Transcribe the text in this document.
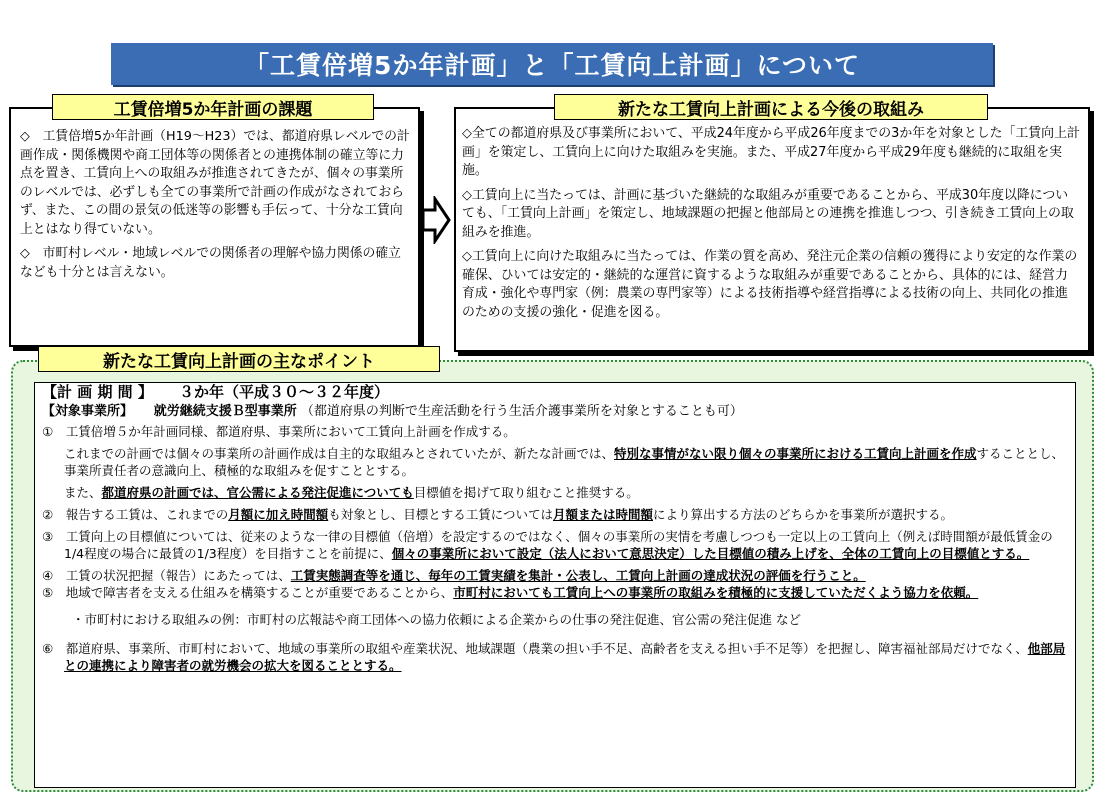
「工賃倍増5か年計画」と「工賃向上計画」について
工賃倍増5か年計画の課題
◇　工賃倍増5か年計画（H19～H23）では、都道府県レベルでの計画作成・関係機関や商工団体等の関係者との連携体制の確立等に力点を置き、工賃向上への取組みが推進されてきたが、個々の事業所のレベルでは、必ずしも全ての事業所で計画の作成がなされておらず、また、この間の景気の低迷等の影響も手伝って、十分な工賃向上とはなり得ていない。
◇　市町村レベル・地域レベルでの関係者の理解や協力関係の確立なども十分とは言えない。
新たな工賃向上計画による今後の取組み
◇全ての都道府県及び事業所において、平成24年度から平成26年度までの3か年を対象とした「工賃向上計画」を策定し、工賃向上に向けた取組みを実施。また、平成27年度から平成29年度も継続的に取組を実施。
◇工賃向上に当たっては、計画に基づいた継続的な取組みが重要であることから、平成30年度以降についても、「工賃向上計画」を策定し、地域課題の把握と他部局との連携を推進しつつ、引き続き工賃向上の取組みを推進。
◇工賃向上に向けた取組みに当たっては、作業の質を高め、発注元企業の信頼の獲得により安定的な作業の確保、ひいては安定的・継続的な運営に資するような取組みが重要であることから、具体的には、経営力育成・強化や専門家（例：農業の専門家等）による技術指導や経営指導による技術の向上、共同化の推進のための支援の強化・促進を図る。
新たな工賃向上計画の主なポイント

【計 画 期 間 】 ３か年（平成３０～３２年度）

【対象事業所】 就労継続支援Ｂ型事業所 （都道府県の判断で生産活動を行う生活介護事業所を対象とすることも可）

①　工賃倍増５か年計画同様、都道府県、事業所において工賃向上計画を作成する。

これまでの計画では個々の事業所の計画作成は自主的な取組みとされていたが、新たな計画では、特別な事情がない限り個々の事業所における工賃向上計画を作成することとし、事業所責任者の意識向上、積極的な取組みを促すこととする。

また、都道府県の計画では、官公需による発注促進についても目標値を掲げて取り組むこと推奨する。

②　報告する工賃は、これまでの月額に加え時間額も対象とし、目標とする工賃については月額または時間額により算出する方法のどちらかを事業所が選択する。

③　工賃向上の目標値については、従来のような一律の目標値（倍増）を設定するのではなく、個々の事業所の実情を考慮しつつも一定以上の工賃向上（例えば時間額が最低賃金の1/4程度の場合に最賃の1/3程度）を目指すことを前提に、個々の事業所において設定（法人において意思決定）した目標値の積み上げを、全体の工賃向上の目標値とする。

④　工賃の状況把握（報告）にあたっては、工賃実態調査等を通じ、毎年の工賃実績を集計・公表し、工賃向上計画の達成状況の評価を行うこと。

⑤　地域で障害者を支える仕組みを構築することが重要であることから、市町村においても工賃向上への事業所の取組みを積極的に支援していただくよう協力を依頼。

・市町村における取組みの例：市町村の広報誌や商工団体への協力依頼による企業からの仕事の発注促進、官公需の発注促進 など

⑥　都道府県、事業所、市町村において、地域の事業所の取組や産業状況、地域課題（農業の担い手不足、高齢者を支える担い手不足等）を把握し、障害福祉部局だけでなく、他部局との連携により障害者の就労機会の拡大を図ることとする。
